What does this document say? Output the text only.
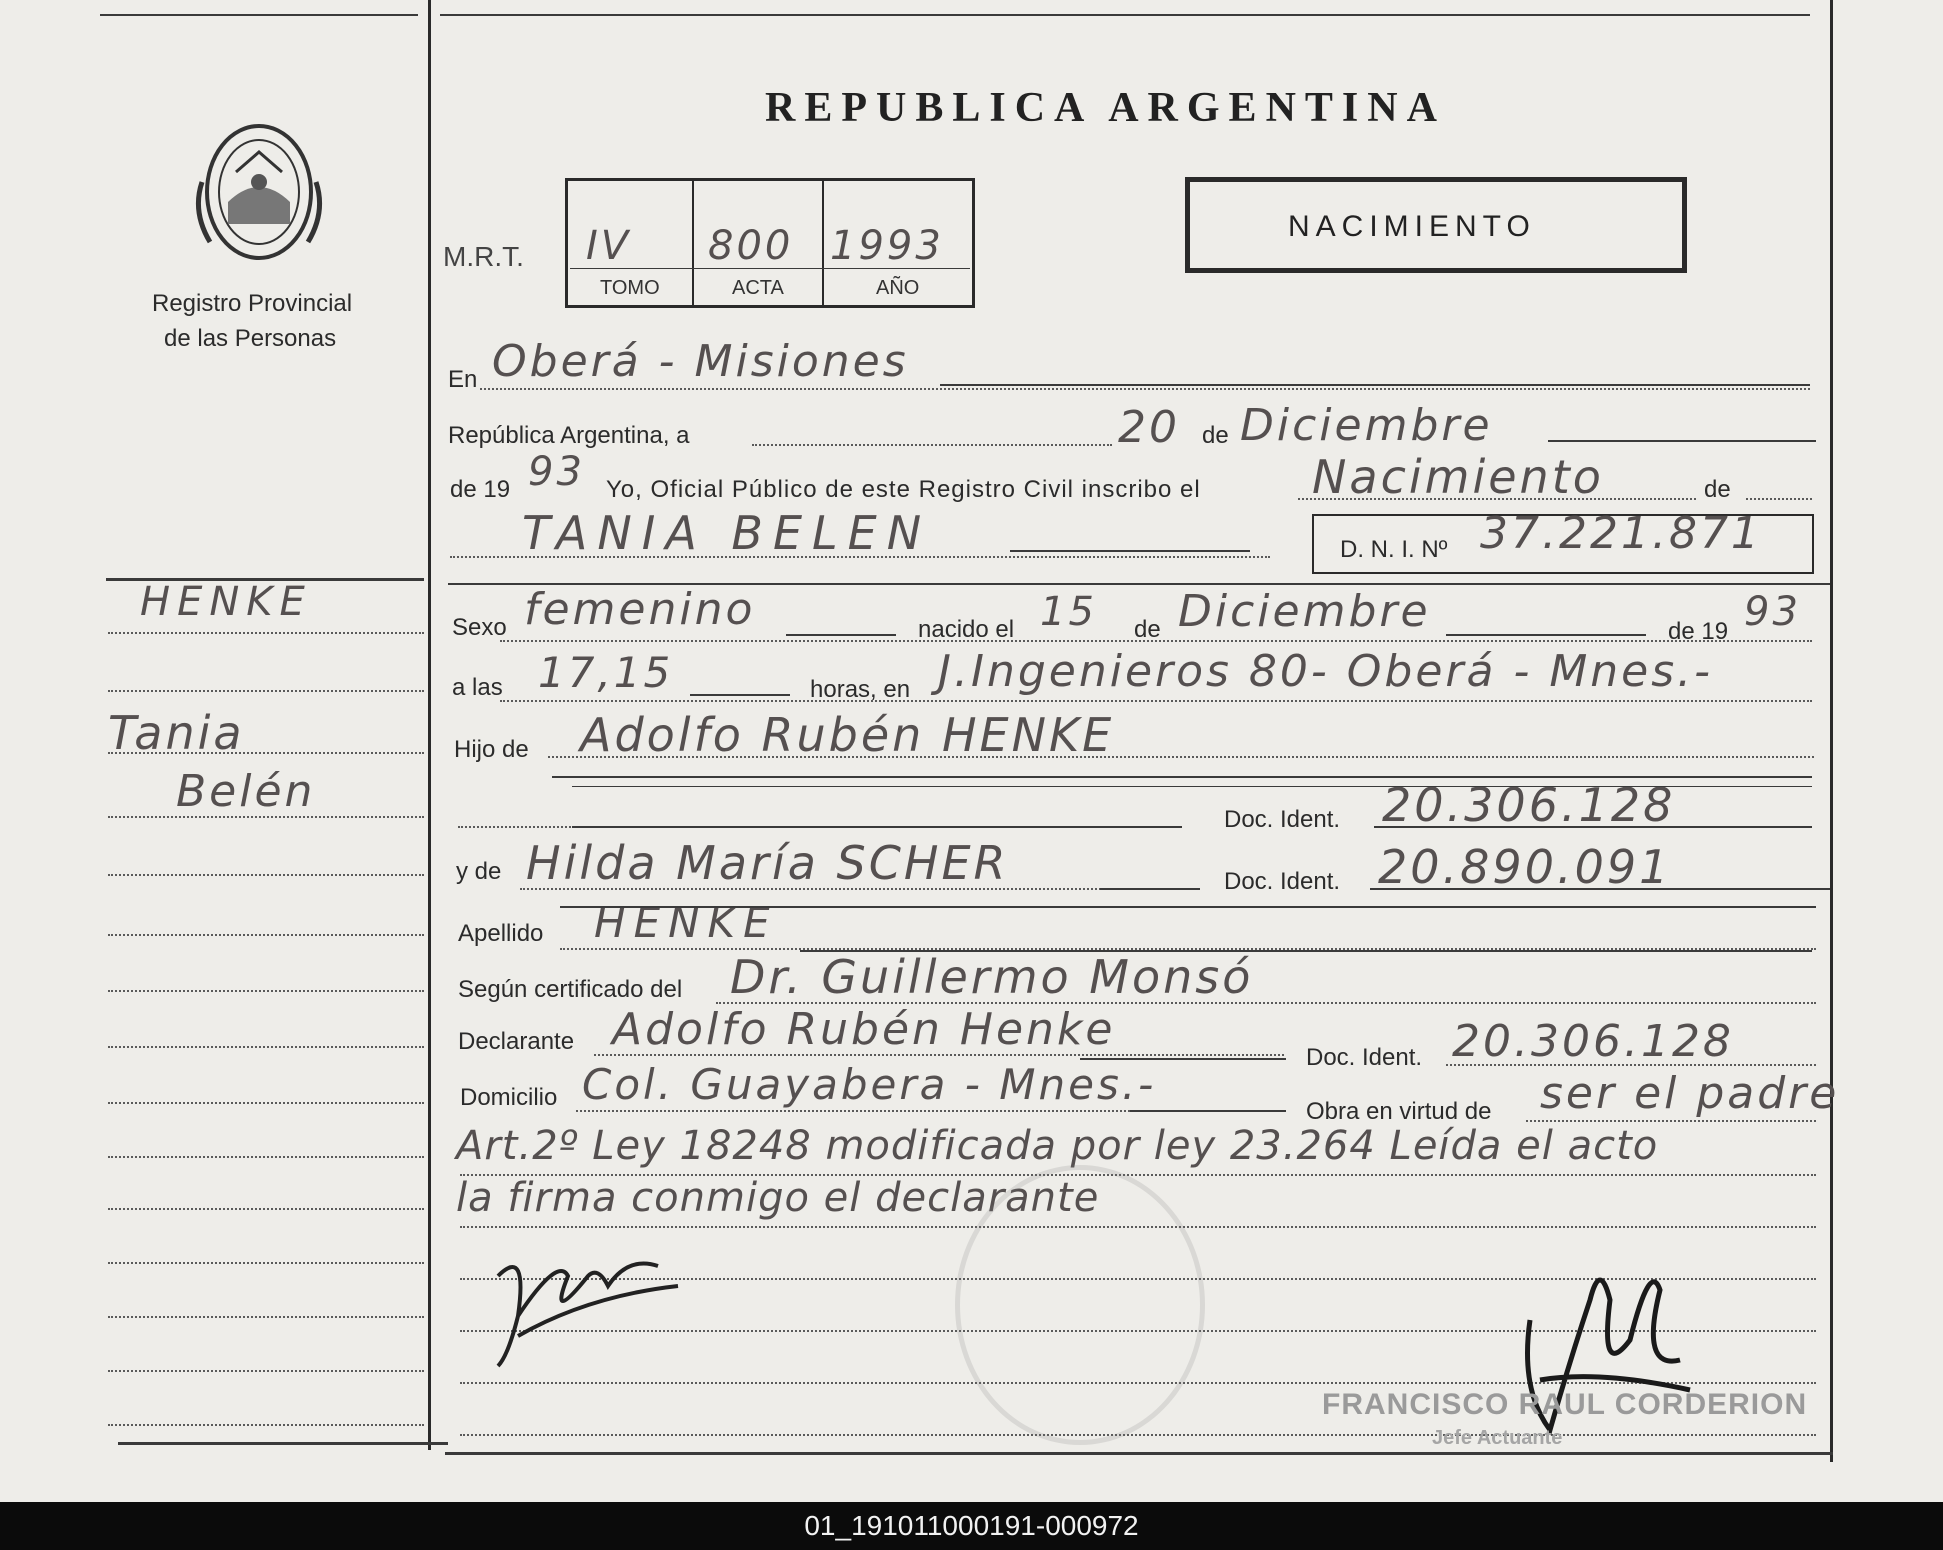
Registro Provincial
de las Personas
REPUBLICA ARGENTINA
M.R.T. IV 800 1993
TOMO	ACTA	AÑO
NACIMIENTO
En Oberá - Misiones
República Argentina, a	20 de Diciembre
de 19 93 Yo, Oficial Público de este Registro Civil inscribo el Nacimiento	de
TANIA BELEN	D. N. I. Nº 37.221.871
Sexo femenino	nacido el 15 de Diciembre	de 19 93
a las 17,15	horas, en J.Ingenieros 80- Oberá - Mnes.-
Hijo de Adolfo Rubén HENKE
Doc. Ident. 20.306.128
y de Hilda María SCHER	Doc. Ident. 20.890.091
Apellido HENKE
Según certificado del Dr. Guillermo Monsó
Declarante Adolfo Rubén Henke
Doc. Ident. 20.306.128
Domicilio Col. Guayabera - Mnes.-
Obra en virtud de ser el padre
Art.2º Ley 18248 modificada por ley 23.264 Leída el acto
la firma conmigo el declarante
FRANCISCO RAUL CORDERION
Jefe Actuante
HENKE
Tania
Belén
01_191011000191-000972
